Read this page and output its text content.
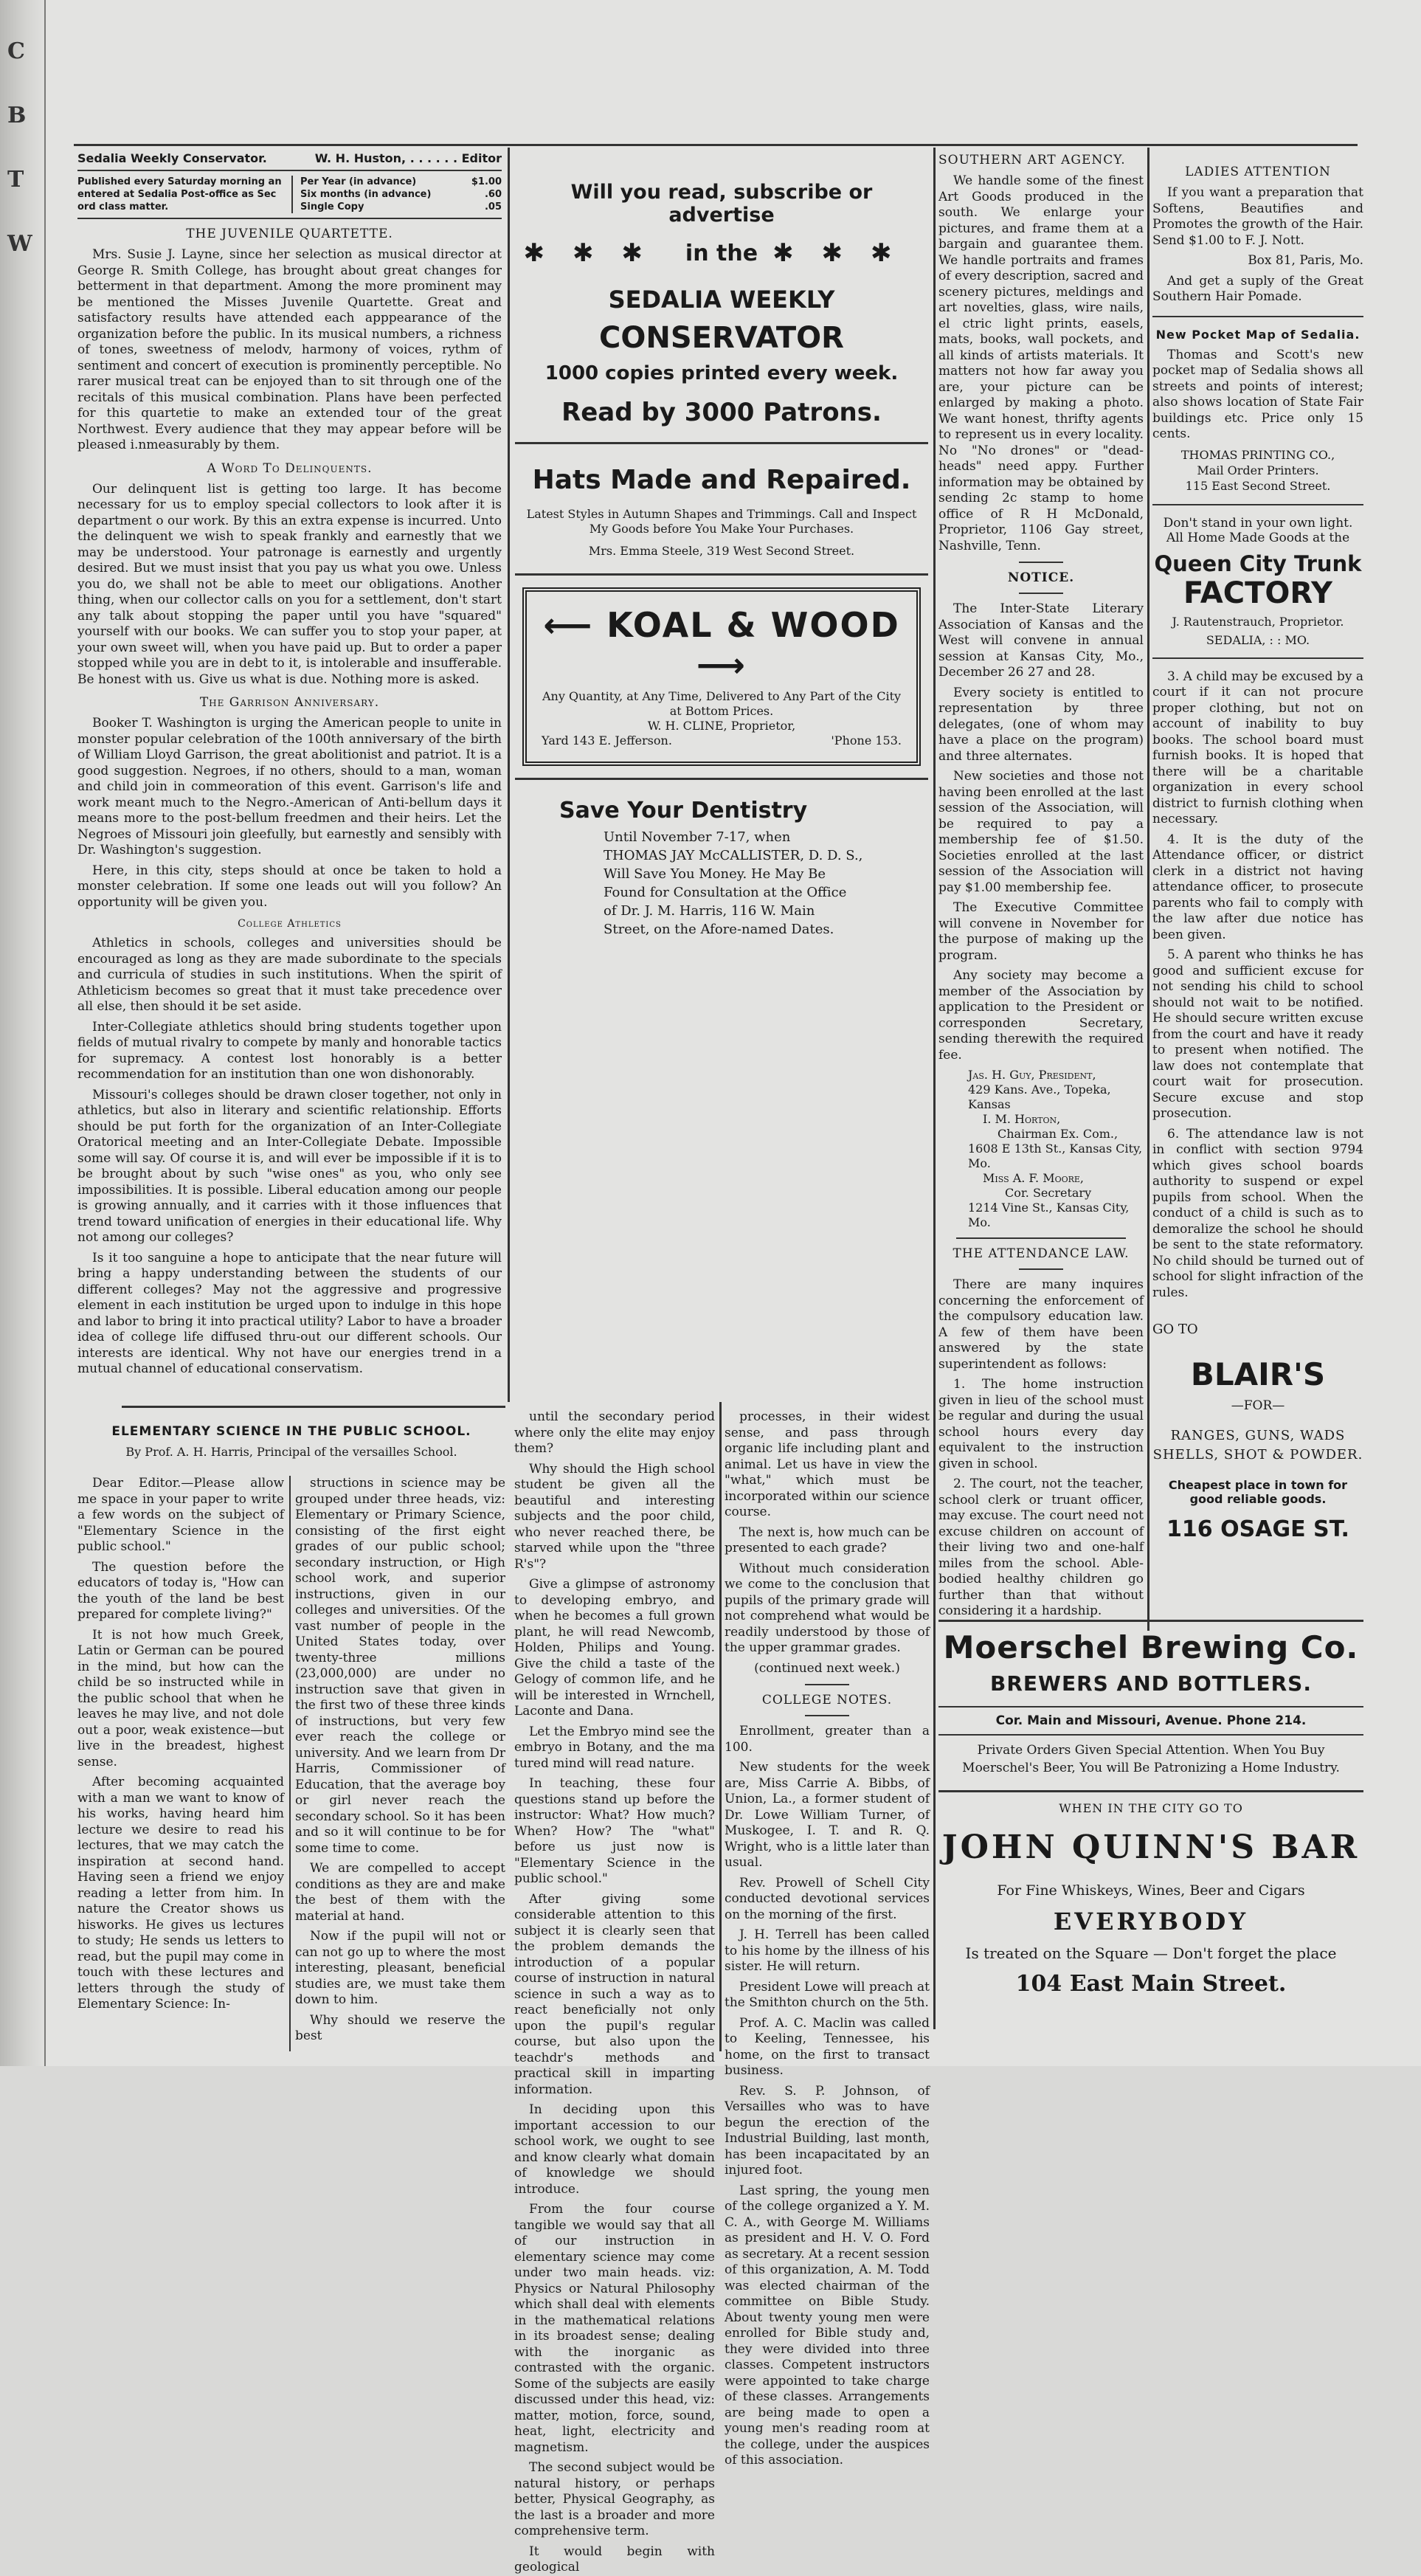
C
B
T
W
Sedalia Weekly Conservator.	W. H. Huston, . . . . . . Editor
Published every Saturday morning an entered at Sedalia Post-office as Sec ord class matter.
Per Year (in advance)	$1.00
Six months (in advance)	.60
Single Copy	.05
THE JUVENILE QUARTETTE.

Mrs. Susie J. Layne, since her selection as musical director at George R. Smith College, has brought about great changes for betterment in that department. Among the more prominent may be mentioned the Misses Juvenile Quartette. Great and satisfactory results have attended each apppearance of the organization before the public. In its musical numbers, a richness of tones, sweetness of melodv, harmony of voices, rythm of sentiment and concert of execution is prominently perceptible. No rarer musical treat can be enjoyed than to sit through one of the recitals of this musical combination. Plans have been perfected for this quartetie to make an extended tour of the great Northwest. Every audience that they may appear before will be pleased i.nmeasurably by them.

A Word To Delinquents.

Our delinquent list is getting too large. It has become necessary for us to employ special collectors to look after it is department o our work. By this an extra expense is incurred. Unto the delinquent we wish to speak frankly and earnestly that we may be understood. Your patronage is earnestly and urgently desired. But we must insist that you pay us what you owe. Unless you do, we shall not be able to meet our obligations. Another thing, when our collector calls on you for a settlement, don't start any talk about stopping the paper until you have "squared" yourself with our books. We can suffer you to stop your paper, at your own sweet will, when you have paid up. But to order a paper stopped while you are in debt to it, is intolerable and insufferable. Be honest with us. Give us what is due. Nothing more is asked.

The Garrison Anniversary.

Booker T. Washington is urging the American people to unite in monster popular celebration of the 100th anniversary of the birth of William Lloyd Garrison, the great abolitionist and patriot. It is a good suggestion. Negroes, if no others, should to a man, woman and child join in commeoration of this event. Garrison's life and work meant much to the Negro.-American of Anti-bellum days it means more to the post-bellum freedmen and their heirs. Let the Negroes of Missouri join gleefully, but earnestly and sensibly with Dr. Washington's suggestion.

Here, in this city, steps should at once be taken to hold a monster celebration. If some one leads out will you follow? An opportunity will be given you.

College Athletics

Athletics in schools, colleges and universities should be encouraged as long as they are made subordinate to the specials and curricula of studies in such institutions. When the spirit of Athleticism becomes so great that it must take precedence over all else, then should it be set aside.

Inter-Collegiate athletics should bring students together upon fields of mutual rivalry to compete by manly and honorable tactics for supremacy. A contest lost honorably is a better recommendation for an institution than one won dishonorably.

Missouri's colleges should be drawn closer together, not only in athletics, but also in literary and scientific relationship. Efforts should be put forth for the organization of an Inter-Collegiate Oratorical meeting and an Inter-Collegiate Debate. Impossible some will say. Of course it is, and will ever be impossible if it is to be brought about by such "wise ones" as you, who only see impossibilities. It is possible. Liberal education among our people is growing annually, and it carries with it those influences that trend toward unification of energies in their educational life. Why not among our colleges?

Is it too sanguine a hope to anticipate that the near future will bring a happy understanding between the students of our different colleges? May not the aggressive and progressive element in each institution be urged upon to indulge in this hope and labor to bring it into practical utility? Labor to have a broader idea of college life diffused thru-out our different schools. Our interests are identical. Why not have our energies trend in a mutual channel of educational conservatism.

Will you read, subscribe or advertise
✱✱✱ in the ✱✱✱
SEDALIA WEEKLY
CONSERVATOR
1000 copies printed every week.
Read by 3000 Patrons.
Hats Made and Repaired.
Latest Styles in Autumn Shapes and Trimmings. Call and Inspect My Goods before You Make Your Purchases.
Mrs. Emma Steele, 319 West Second Street.
⟵ KOAL & WOOD ⟶
Any Quantity, at Any Time, Delivered to Any Part of the City at Bottom Prices.
W. H. CLINE, Proprietor,
Yard 143 E. Jefferson.	'Phone 153.
Save Your Dentistry
Until November 7-17, when
THOMAS JAY McCALLISTER, D. D. S.,
Will Save You Money. He May Be
Found for Consultation at the Office
of Dr. J. M. Harris, 116 W. Main
Street, on the Afore-named Dates.
ELEMENTARY SCIENCE IN THE PUBLIC SCHOOL.
By Prof. A. H. Harris, Principal of the versailles School.

Dear Editor.—Please allow me space in your paper to write a few words on the subject of "Elementary Science in the public school."

The question before the educators of today is, "How can the youth of the land be best prepared for complete living?"

It is not how much Greek, Latin or German can be poured in the mind, but how can the child be so instructed while in the public school that when he leaves he may live, and not dole out a poor, weak existence—but live in the breadest, highest sense.

After becoming acquainted with a man we want to know of his works, having heard him lecture we desire to read his lectures, that we may catch the inspiration at second hand. Having seen a friend we enjoy reading a letter from him. In nature the Creator shows us hisworks. He gives us lectures to study; He sends us letters to read, but the pupil may come in touch with these lectures and letters through the study of Elementary Science: In-

structions in science may be grouped under three heads, viz: Elementary or Primary Science, consisting of the first eight grades of our public school; secondary instruction, or High school work, and superior instructions, given in our colleges and universities. Of the vast number of people in the United States today, over twenty-three millions (23,000,000) are under no instruction save that given in the first two of these three kinds of instructions, but very few ever reach the college or university. And we learn from Dr Harris, Commissioner of Education, that the average boy or girl never reach the secondary school. So it has been and so it will continue to be for some time to come.

We are compelled to accept conditions as they are and make the best of them with the material at hand.

Now if the pupil will not or can not go up to where the most interesting, pleasant, beneficial studies are, we must take them down to him.

Why should we reserve the best

until the secondary period where only the elite may enjoy them?

Why should the High school student be given all the beautiful and interesting subjects and the poor child, who never reached there, be starved while upon the "three R's"?

Give a glimpse of astronomy to developing embryo, and when he becomes a full grown plant, he will read Newcomb, Holden, Philips and Young. Give the child a taste of the Gelogy of common life, and he will be interested in Wrnchell, Laconte and Dana.

Let the Embryo mind see the embryo in Botany, and the ma tured mind will read nature.

In teaching, these four questions stand up before the instructor: What? How much? When? How? The "what" before us just now is "Elementary Science in the public school."

After giving some considerable attention to this subject it is clearly seen that the problem demands the introduction of a popular course of instruction in natural science in such a way as to react beneficially not only upon the pupil's regular course, but also upon the teachdr's methods and practical skill in imparting information.

In deciding upon this important accession to our school work, we ought to see and know clearly what domain of knowledge we should introduce.

From the four course tangible we would say that all of our instruction in elementary science may come under two main heads. viz: Physics or Natural Philosophy which shall deal with elements in the mathematical relations in its broadest sense; dealing with the inorganic as contrasted with the organic. Some of the subjects are easily discussed under this head, viz: matter, motion, force, sound, heat, light, electricity and magnetism.

The second subject would be natural history, or perhaps better, Physical Geography, as the last is a broader and more comprehensive term.

It would begin with geological

processes, in their widest sense, and pass through organic life including plant and animal. Let us have in view the "what," which must be incorporated within our science course.

The next is, how much can be presented to each grade?

Without much consideration we come to the conclusion that pupils of the primary grade will not comprehend what would be readily understood by those of the upper grammar grades.

(continued next week.)

COLLEGE NOTES.

Enrollment, greater than a 100.

New students for the week are, Miss Carrie A. Bibbs, of Union, La., a former student of Dr. Lowe William Turner, of Muskogee, I. T. and R. Q. Wright, who is a little later than usual.

Rev. Prowell of Schell City conducted devotional services on the morning of the first.

J. H. Terrell has been called to his home by the illness of his sister. He will return.

President Lowe will preach at the Smithton church on the 5th.

Prof. A. C. Maclin was called to Keeling, Tennessee, his home, on the first to transact business.

Rev. S. P. Johnson, of Versailles who was to have begun the erection of the Industrial Building, last month, has been incapacitated by an injured foot.

Last spring, the young men of the college organized a Y. M. C. A., with George M. Williams as president and H. V. O. Ford as secretary. At a recent session of this organization, A. M. Todd was elected chairman of the committee on Bible Study. About twenty young men were enrolled for Bible study and, they were divided into three classes. Competent instructors were appointed to take charge of these classes. Arrangements are being made to open a young men's reading room at the college, under the auspices of this association.

SOUTHERN ART AGENCY.

We handle some of the finest Art Goods produced in the south. We enlarge your pictures, and frame them at a bargain and guarantee them. We handle portraits and frames of every description, sacred and scenery pictures, meldings and art novelties, glass, wire nails, el ctric light prints, easels, mats, books, wall pockets, and all kinds of artists materials. It matters not how far away you are, your picture can be enlarged by making a photo. We want honest, thrifty agents to represent us in every locality. No "No drones" or "dead-heads" need appy. Further information may be obtained by sending 2c stamp to home office of R H McDonald, Proprietor, 1106 Gay street, Nashville, Tenn.

NOTICE.

The Inter-State Literary Association of Kansas and the West will convene in annual session at Kansas City, Mo., December 26 27 and 28.

Every society is entitled to representation by three delegates, (one of whom may have a place on the program) and three alternates.

New societies and those not having been enrolled at the last session of the Association, will be required to pay a membership fee of $1.50. Societies enrolled at the last session of the Association will pay $1.00 membership fee.

The Executive Committee will convene in November for the purpose of making up the program.

Any society may become a member of the Association by application to the President or corresponden Secretary, sending therewith the required fee.

Jas. H. Guy, President,
429 Kans. Ave., Topeka, Kansas
I. M. Horton,
Chairman Ex. Com.,
1608 E 13th St., Kansas City, Mo.
Miss A. F. Moore,
Cor. Secretary
1214 Vine St., Kansas City, Mo.
THE ATTENDANCE LAW.

There are many inquires concerning the enforcement of the compulsory education law. A few of them have been answered by the state superintendent as follows:

1. The home instruction given in lieu of the school must be regular and during the usual school hours every day equivalent to the instruction given in school.

2. The court, not the teacher, school clerk or truant officer, may excuse. The court need not excuse children on account of their living two and one-half miles from the school. Able-bodied healthy children go further than that without considering it a hardship.

LADIES ATTENTION

If you want a preparation that Softens, Beautifies and Promotes the growth of the Hair. Send $1.00 to F. J. Nott.

Box 81, Paris, Mo.

And get a suply of the Great Southern Hair Pomade.

New Pocket Map of Sedalia.

Thomas and Scott's new pocket map of Sedalia shows all streets and points of interest; also shows location of State Fair buildings etc. Price only 15 cents.

THOMAS PRINTING CO.,
Mail Order Printers.
115 East Second Street.
Don't stand in your own light.
All Home Made Goods at the
Queen City Trunk
FACTORY
J. Rautenstrauch, Proprietor.
SEDALIA, : : MO.

3. A child may be excused by a court if it can not procure proper clothing, but not on account of inability to buy books. The school board must furnish books. It is hoped that there will be a charitable organization in every school district to furnish clothing when necessary.

4. It is the duty of the Attendance officer, or district clerk in a district not having attendance officer, to prosecute parents who fail to comply with the law after due notice has been given.

5. A parent who thinks he has good and sufficient excuse for not sending his child to school should not wait to be notified. He should secure written excuse from the court and have it ready to present when notified. The law does not contemplate that court wait for prosecution. Secure excuse and stop prosecution.

6. The attendance law is not in conflict with section 9794 which gives school boards authority to suspend or expel pupils from school. When the conduct of a child is such as to demoralize the school he should be sent to the state reformatory. No child should be turned out of school for slight infraction of the rules.

GO TO
BLAIR'S
—FOR—
RANGES, GUNS, WADS SHELLS, SHOT & POWDER.
Cheapest place in town for good reliable goods.
116 OSAGE ST.
Moerschel Brewing Co.
BREWERS AND BOTTLERS.
Cor. Main and Missouri, Avenue. Phone 214.
Private Orders Given Special Attention. When You Buy Moerschel's Beer, You will Be Patronizing a Home Industry.
WHEN IN THE CITY GO TO
JOHN QUINN'S BAR
For Fine Whiskeys, Wines, Beer and Cigars
EVERYBODY
Is treated on the Square — Don't forget the place
104 East Main Street.
